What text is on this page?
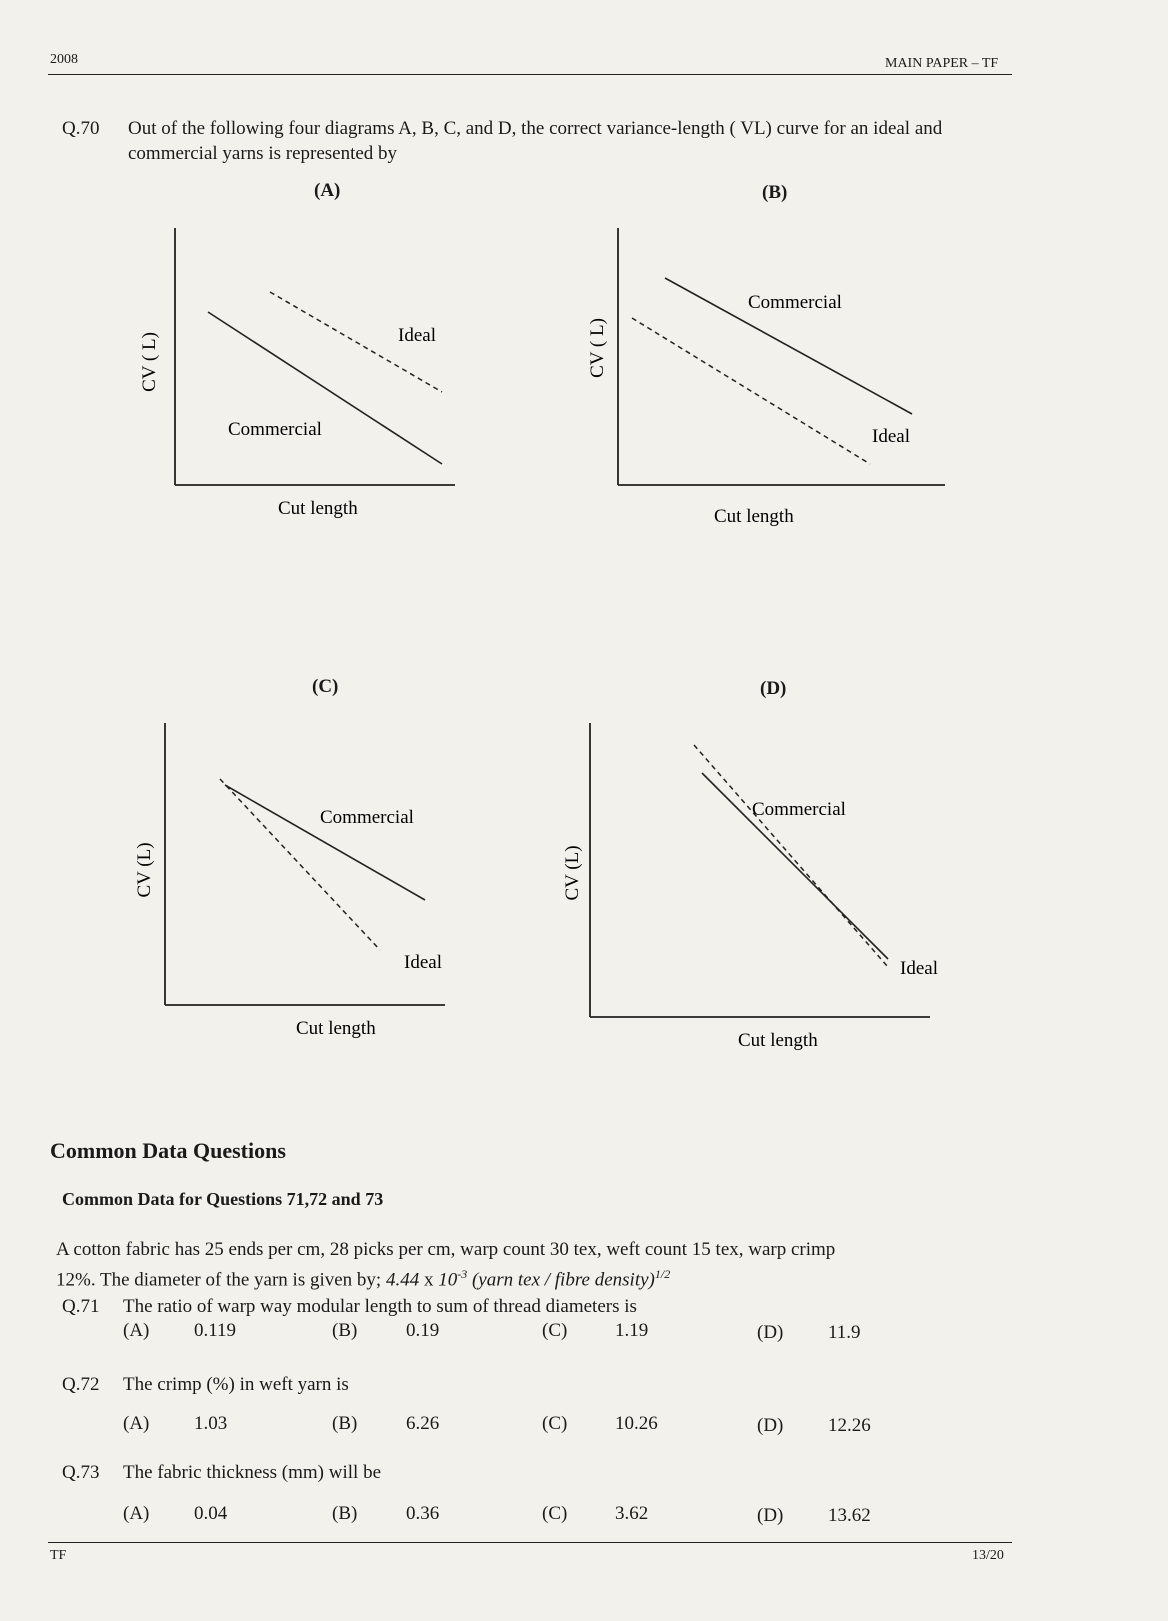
2008	MAIN PAPER – TF
Q.70 Out of the following four diagrams A, B, C, and D, the correct variance-length ( VL) curve for an ideal and commercial yarns is represented by
(A)	(B)
(C)	(D)
CV ( L)	Ideal
Commercial
Cut length
CV ( L)
Commercial
Ideal
Cut length
CV (L)
Commercial
Ideal
Cut length
CV (L)
Commercial
Ideal
Cut length
Common Data Questions
Common Data for Questions 71,72 and 73
A cotton fabric has 25 ends per cm, 28 picks per cm, warp count 30 tex, weft count 15 tex, warp crimp
12%. The diameter of the yarn is given by; 4.44 x $10^{-3}$ (yarn tex / fibre density)$^{1/2}$
Q.71 The ratio of warp way modular length to sum of thread diameters is
(A) 0.119	(B)	0.19	(C)	1.19	(D) 11.9
Q.72 The crimp (%) in weft yarn is
(A) 1.03	(B)	6.26	(C)	10.26	(D) 12.26
Q.73 The fabric thickness (mm) will be
(A) 0.04	(B)	0.36	(C)	3.62	(D) 13.62
TF	13/20
